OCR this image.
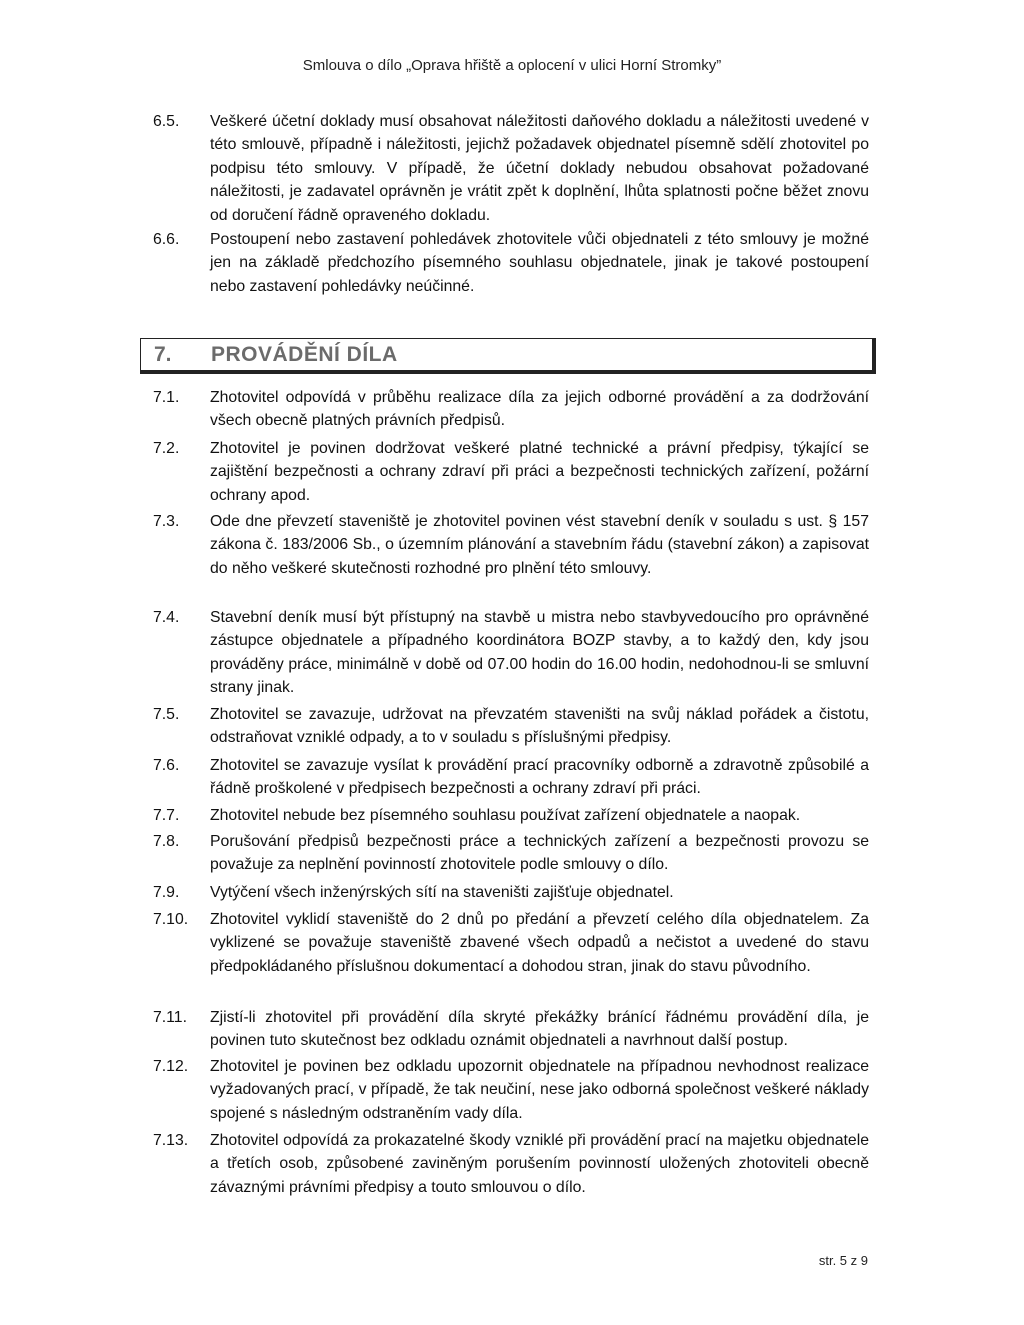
Smlouva o dílo „Oprava hřiště a oplocení v ulici Horní Stromky”
6.5.	Veškeré účetní doklady musí obsahovat náležitosti daňového dokladu a náležitosti uvedené v této smlouvě, případně i náležitosti, jejichž požadavek objednatel písemně sdělí zhotovitel po podpisu této smlouvy. V případě, že účetní doklady nebudou obsahovat požadované náležitosti, je zadavatel oprávněn je vrátit zpět k doplnění, lhůta splatnosti počne běžet znovu od doručení řádně opraveného dokladu.
6.6.	Postoupení nebo zastavení pohledávek zhotovitele vůči objednateli z této smlouvy je možné jen na základě předchozího písemného souhlasu objednatele, jinak je takové postoupení nebo zastavení pohledávky neúčinné.
7. PROVÁDĚNÍ DÍLA
7.1.	Zhotovitel odpovídá v průběhu realizace díla za jejich odborné provádění a za dodržování všech obecně platných právních předpisů.
7.2.	Zhotovitel je povinen dodržovat veškeré platné technické a právní předpisy, týkající se zajištění bezpečnosti a ochrany zdraví při práci a bezpečnosti technických zařízení, požární ochrany apod.
7.3.	Ode dne převzetí staveniště je zhotovitel povinen vést stavební deník v souladu s ust. § 157 zákona č. 183/2006 Sb., o územním plánování a stavebním řádu (stavební zákon) a zapisovat do něho veškeré skutečnosti rozhodné pro plnění této smlouvy.
7.4.	Stavební deník musí být přístupný na stavbě u mistra nebo stavbyvedoucího pro oprávněné zástupce objednatele a případného koordinátora BOZP stavby, a to každý den, kdy jsou prováděny práce, minimálně v době od 07.00 hodin do 16.00 hodin, nedohodnou-li se smluvní strany jinak.
7.5.	Zhotovitel se zavazuje, udržovat na převzatém staveništi na svůj náklad pořádek a čistotu, odstraňovat vzniklé odpady, a to v souladu s příslušnými předpisy.
7.6.	Zhotovitel se zavazuje vysílat k provádění prací pracovníky odborně a zdravotně způsobilé a řádně proškolené v předpisech bezpečnosti a ochrany zdraví při práci.
7.7.	Zhotovitel nebude bez písemného souhlasu používat zařízení objednatele a naopak.
7.8.	Porušování předpisů bezpečnosti práce a technických zařízení a bezpečnosti provozu se považuje za neplnění povinností zhotovitele podle smlouvy o dílo.
7.9.	Vytýčení všech inženýrských sítí na staveništi zajišťuje objednatel.
7.10.	Zhotovitel vyklidí staveniště do 2 dnů po předání a převzetí celého díla objednatelem. Za vyklizené se považuje staveniště zbavené všech odpadů a nečistot a uvedené do stavu předpokládaného příslušnou dokumentací a dohodou stran, jinak do stavu původního.
7.11.	Zjistí-li zhotovitel při provádění díla skryté překážky bránící řádnému provádění díla, je povinen tuto skutečnost bez odkladu oznámit objednateli a navrhnout další postup.
7.12.	Zhotovitel je povinen bez odkladu upozornit objednatele na případnou nevhodnost realizace vyžadovaných prací, v případě, že tak neučiní, nese jako odborná společnost veškeré náklady spojené s následným odstraněním vady díla.
7.13.	Zhotovitel odpovídá za prokazatelné škody vzniklé při provádění prací na majetku objednatele a třetích osob, způsobené zaviněným porušením povinností uložených zhotoviteli obecně závaznými právními předpisy a touto smlouvou o dílo.
str. 5 z 9
